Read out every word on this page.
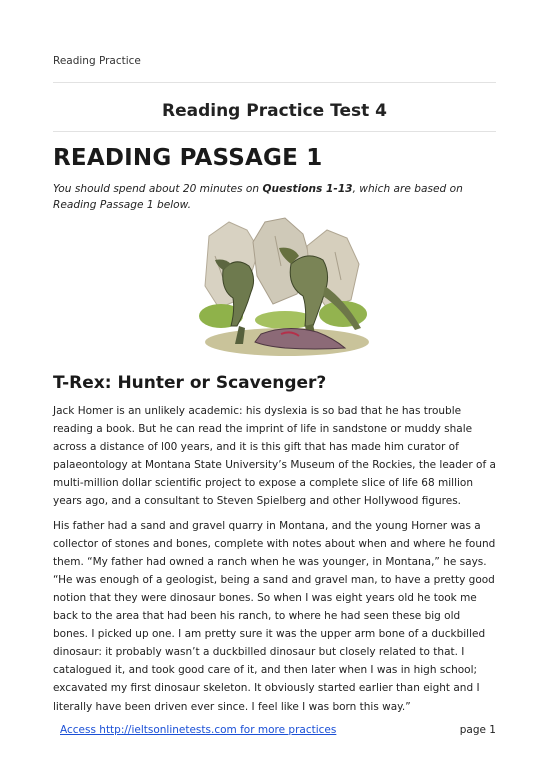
Reading Practice
Reading Practice Test 4
READING PASSAGE 1
You should spend about 20 minutes on Questions 1-13, which are based on Reading Passage 1 below.
T-Rex: Hunter or Scavenger?

Jack Homer is an unlikely academic: his dyslexia is so bad that he has trouble reading a book. But he can read the imprint of life in sandstone or muddy shale across a distance of l00 years, and it is this gift that has made him curator of palaeontology at Montana State University’s Museum of the Rockies, the leader of a multi-million dollar scientific project to expose a complete slice of life 68 million years ago, and a consultant to Steven Spielberg and other Hollywood figures.

His father had a sand and gravel quarry in Montana, and the young Horner was a collector of stones and bones, complete with notes about when and where he found them. “My father had owned a ranch when he was younger, in Montana,” he says. “He was enough of a geologist, being a sand and gravel man, to have a pretty good notion that they were dinosaur bones. So when I was eight years old he took me back to the area that had been his ranch, to where he had seen these big old bones. I picked up one. I am pretty sure it was the upper arm bone of a duckbilled dinosaur: it probably wasn’t a duckbilled dinosaur but closely related to that. I catalogued it, and took good care of it, and then later when I was in high school; excavated my first dinosaur skeleton. It obviously started earlier than eight and I literally have been driven ever since. I feel like I was born this way.”

Access http://ieltsonlinetests.com for more practices	page 1
